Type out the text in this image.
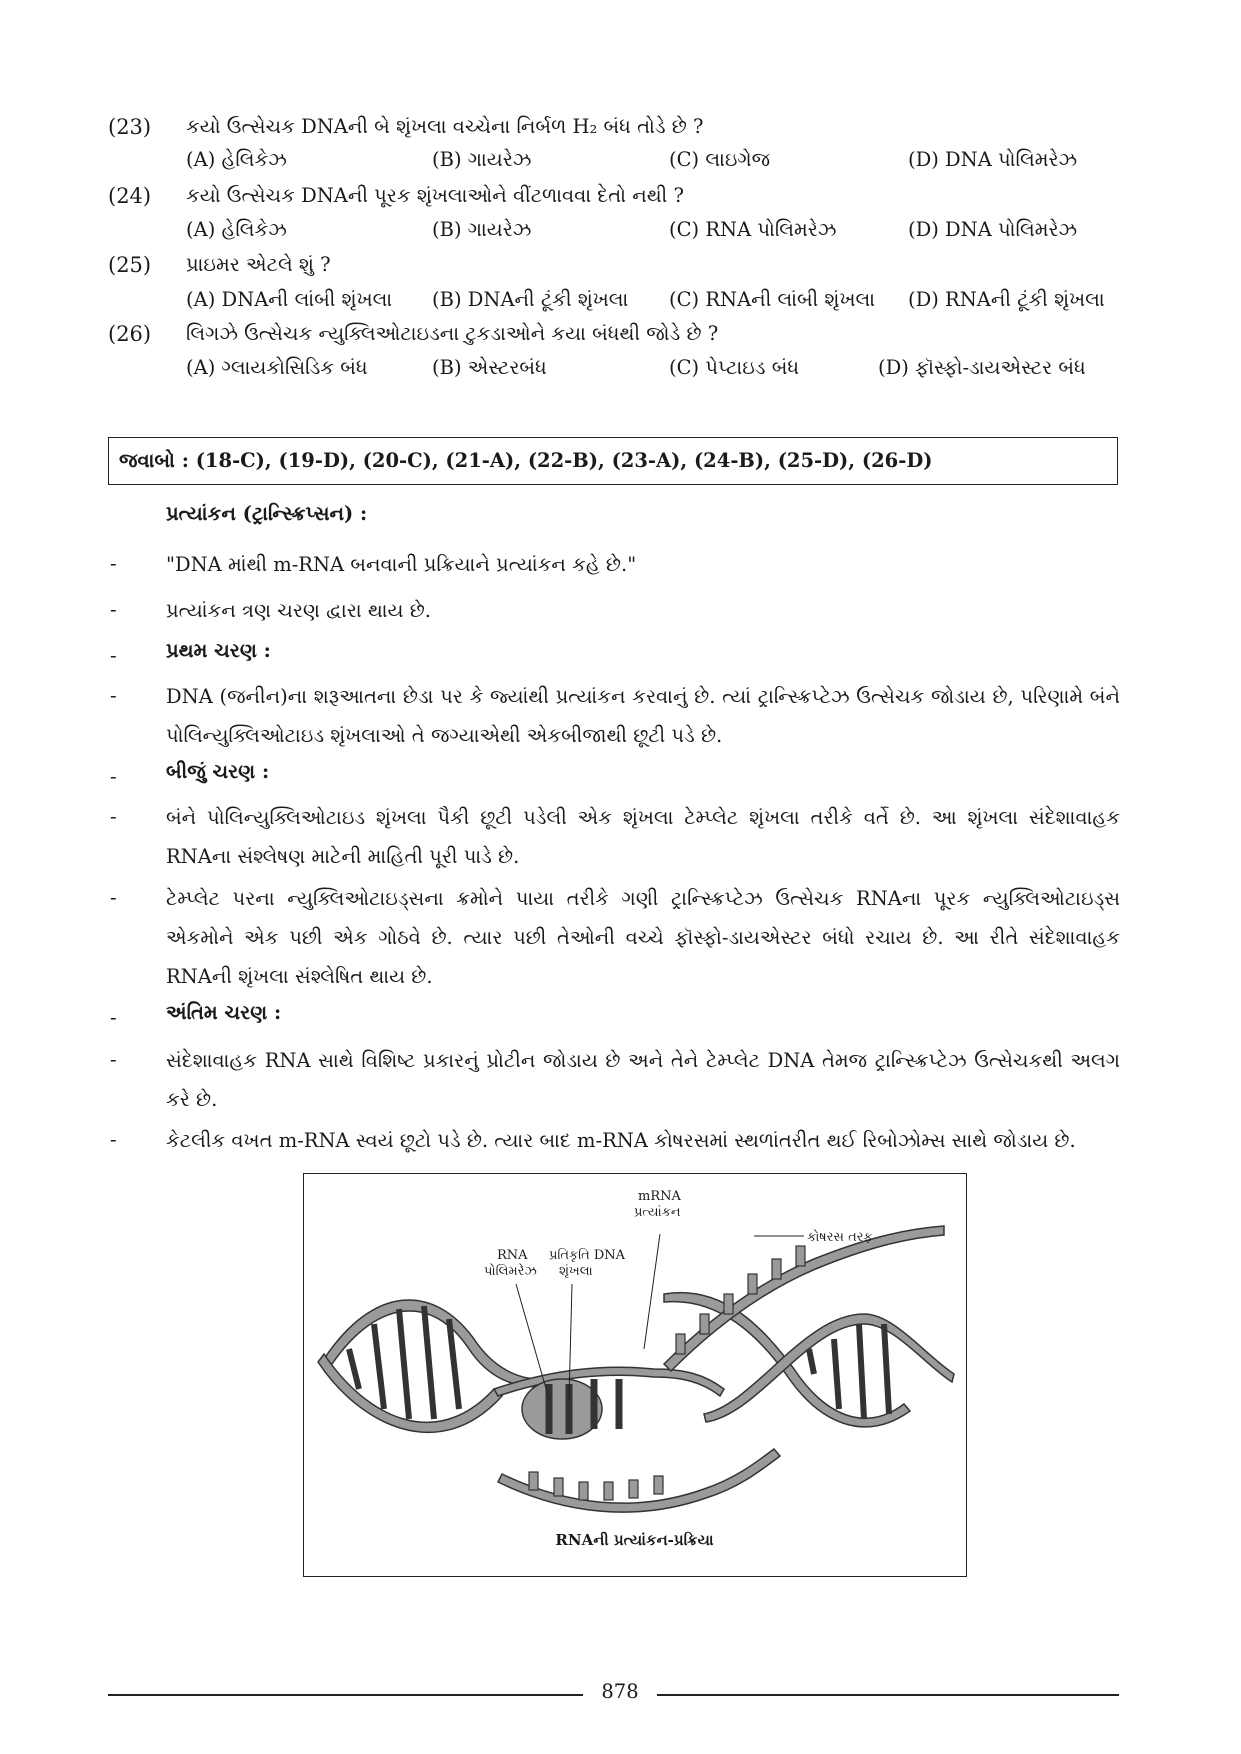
(23) કયો ઉત્સેચક DNAની બે શૃંખલા વચ્ચેના નિર્બળ H₂ બંધ તોડે છે ?
(A) હેલિકેઝ	(B) ગાયરેઝ	(C) લાઇગેજ	(D) DNA પોલિમરેઝ
(24) કયો ઉત્સેચક DNAની પૂરક શૃંખલાઓને વીંટળાવવા દેતો નથી ?
(A) હેલિકેઝ	(B) ગાયરેઝ	(C) RNA પોલિમરેઝ	(D) DNA પોલિમરેઝ
(25) પ્રાઇમર એટલે શું ?
(A) DNAની લાંબી શૃંખલા (B) DNAની ટૂંકી શૃંખલા (C) RNAની લાંબી શૃંખલા (D) RNAની ટૂંકી શૃંખલા
(26) લિગઝે ઉત્સેચક ન્યુક્લિઓટાઇડના ટુકડાઓને કયા બંધથી જોડે છે ?
(A) ગ્લાયકોસિડિક બંધ	(B) એસ્ટરબંધ	(C) પેપ્ટાઇડ બંધ	(D) ફૉસ્ફો-ડાયએસ્ટર બંધ
જવાબો : (18-C), (19-D), (20-C), (21-A), (22-B), (23-A), (24-B), (25-D), (26-D)
પ્રત્યાંકન (ટ્રાન્સ્ક્રિપ્સન) :
-	"DNA માંથી m-RNA બનવાની પ્રક્રિયાને પ્રત્યાંકન કહે છે."
-	પ્રત્યાંકન ત્રણ ચરણ દ્વારા થાય છે.
-	પ્રથમ ચરણ :
-	DNA (જનીન)ના શરૂઆતના છેડા પર કે જ્યાંથી પ્રત્યાંકન કરવાનું છે. ત્યાં ટ્રાન્સ્ક્રિપ્ટેઝ ઉત્સેચક જોડાય છે, પરિણામે બંને પોલિન્યુક્લિઓટાઇડ શૃંખલાઓ તે જગ્યાએથી એકબીજાથી છૂટી પડે છે.
-	બીજું ચરણ :
-	બંને પોલિન્યુક્લિઓટાઇડ શૃંખલા પૈકી છૂટી પડેલી એક શૃંખલા ટેમ્પ્લેટ શૃંખલા તરીકે વર્તે છે. આ શૃંખલા સંદેશાવાહક RNAના સંશ્લેષણ માટેની માહિતી પૂરી પાડે છે.
-	ટેમ્પ્લેટ પરના ન્યુક્લિઓટાઇડ્સના ક્રમોને પાયા તરીકે ગણી ટ્રાન્સ્ક્રિપ્ટેઝ ઉત્સેચક RNAના પૂરક ન્યુક્લિઓટાઇડ્સ એકમોને એક પછી એક ગોઠવે છે. ત્યાર પછી તેઓની વચ્ચે ફૉસ્ફો-ડાયએસ્ટર બંધો રચાય છે. આ રીતે સંદેશાવાહક RNAની શૃંખલા સંશ્લેષિત થાય છે.
-	અંતિમ ચરણ :
-	સંદેશાવાહક RNA સાથે વિશિષ્ટ પ્રકારનું પ્રોટીન જોડાય છે અને તેને ટેમ્પ્લેટ DNA તેમજ ટ્રાન્સ્ક્રિપ્ટેઝ ઉત્સેચકથી અલગ કરે છે.
-	કેટલીક વખત m-RNA સ્વયં છૂટો પડે છે. ત્યાર બાદ m-RNA કોષરસમાં સ્થળાંતરીત થઈ રિબોઝોમ્સ સાથે જોડાય છે.
mRNA
પ્રત્યાંકન
કોષરસ તરફ
RNA
પોલિમરેઝ
પ્રતિકૃતિ DNA
શૃંખલા
RNAની પ્રત્યાંકન-પ્રક્રિયા
878
